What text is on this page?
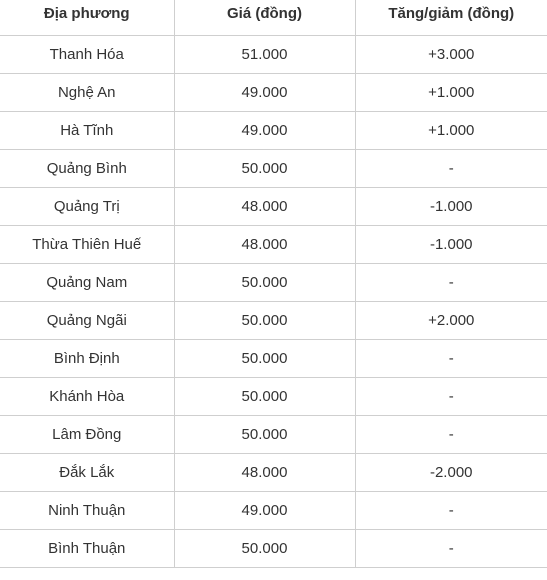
Địa phương	Giá (đồng)	Tăng/giảm (đồng)
Thanh Hóa	51.000	+3.000
Nghệ An	49.000	+1.000
Hà Tĩnh	49.000	+1.000
Quảng Bình	50.000	-
Quảng Trị	48.000	-1.000
Thừa Thiên Huế	48.000	-1.000
Quảng Nam	50.000	-
Quảng Ngãi	50.000	+2.000
Bình Định	50.000	-
Khánh Hòa	50.000	-
Lâm Đồng	50.000	-
Đắk Lắk	48.000	-2.000
Ninh Thuận	49.000	-
Bình Thuận	50.000	-
